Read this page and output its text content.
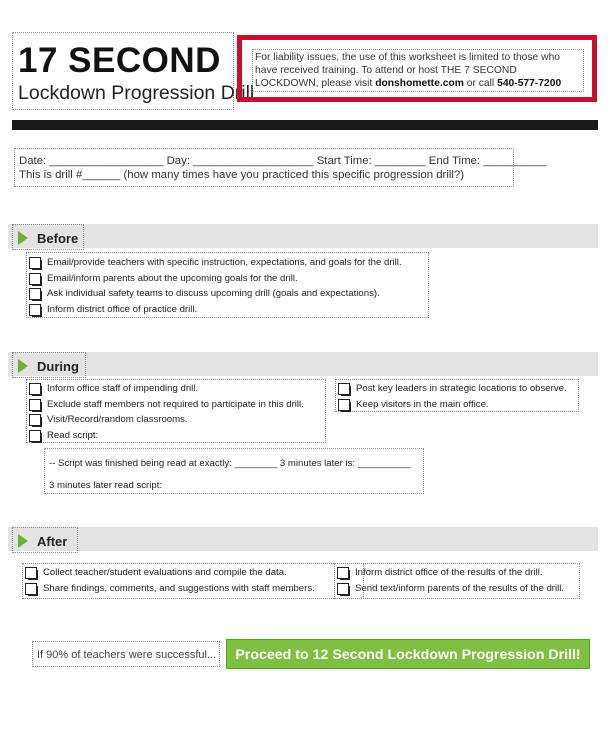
17 SECOND
Lockdown Progression Drill
For liability issues, the use of this worksheet is limited to those who have received training. To attend or host THE 7 SECOND LOCKDOWN, please visit donshomette.com or call 540-577-7200
Date: __________________ Day: ___________________ Start Time: ________ End Time: __________
This is drill #______ (how many times have you practiced this specific progression drill?)
Before
Email/provide teachers with specific instruction, expectations, and goals for the drill.
Email/inform parents about the upcoming goals for the drill.
Ask individual safety teams to discuss upcoming drill (goals and expectations).
Inform district office of practice drill.
During
Inform office staff of impending drill.
Exclude staff members not required to participate in this drill.
Visit/Record/random classrooms.
Read script:
Post key leaders in strategic locations to observe.
Keep visitors in the main office.
-- Script was finished being read at exactly: ________ 3 minutes later is: __________
3 minutes later read script:
After
Collect teacher/student evaluations and compile the data.
Share findings, comments, and suggestions with staff members.
Inform district office of the results of the drill.
Send text/inform parents of the results of the drill.
If 90% of teachers were successful...	Proceed to 12 Second Lockdown Progression Drill!
